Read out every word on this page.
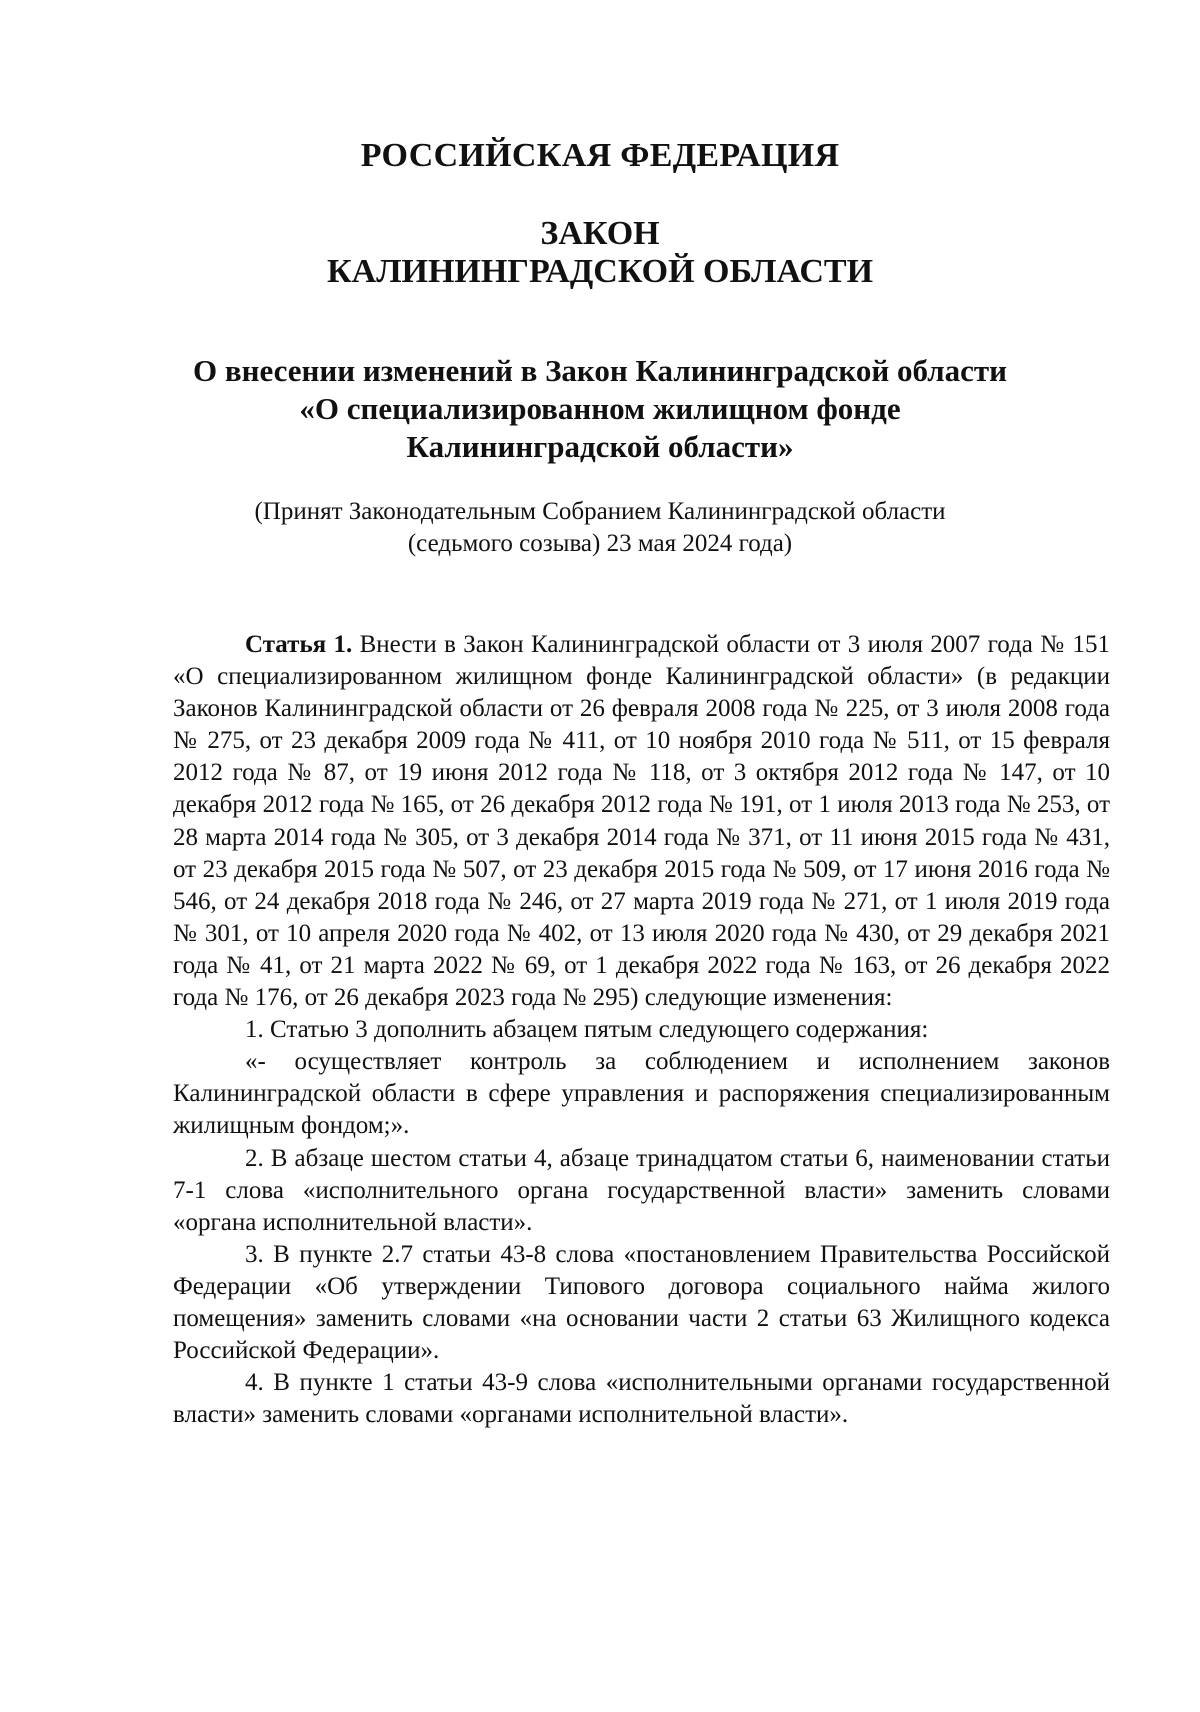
РОССИЙСКАЯ ФЕДЕРАЦИЯ
ЗАКОН
КАЛИНИНГРАДСКОЙ ОБЛАСТИ
О внесении изменений в Закон Калининградской области
«О специализированном жилищном фонде
Калининградской области»
(Принят Законодательным Собранием Калининградской области
(седьмого созыва) 23 мая 2024 года)

Статья 1. Внести в Закон Калининградской области от 3 июля 2007 года № 151 «О специализированном жилищном фонде Калининградской области» (в редакции Законов Калининградской области от 26 февраля 2008 года № 225, от 3 июля 2008 года № 275, от 23 декабря 2009 года № 411, от 10 ноября 2010 года № 511, от 15 февраля 2012 года № 87, от 19 июня 2012 года № 118, от 3 октября 2012 года № 147, от 10 декабря 2012 года № 165, от 26 декабря 2012 года № 191, от 1 июля 2013 года № 253, от 28 марта 2014 года № 305, от 3 декабря 2014 года № 371, от 11 июня 2015 года № 431, от 23 декабря 2015 года № 507, от 23 декабря 2015 года № 509, от 17 июня 2016 года № 546, от 24 декабря 2018 года № 246, от 27 марта 2019 года № 271, от 1 июля 2019 года № 301, от 10 апреля 2020 года № 402, от 13 июля 2020 года № 430, от 29 декабря 2021 года № 41, от 21 марта 2022 № 69, от 1 декабря 2022 года № 163, от 26 декабря 2022 года № 176, от 26 декабря 2023 года № 295) следующие изменения:

1. Статью 3 дополнить абзацем пятым следующего содержания:

«- осуществляет контроль за соблюдением и исполнением законов Калининградской области в сфере управления и распоряжения специализированным жилищным фондом;».

2. В абзаце шестом статьи 4, абзаце тринадцатом статьи 6, наименовании статьи 7-1 слова «исполнительного органа государственной власти» заменить словами «органа исполнительной власти».

3. В пункте 2.7 статьи 43-8 слова «постановлением Правительства Российской Федерации «Об утверждении Типового договора социального найма жилого помещения» заменить словами «на основании части 2 статьи 63 Жилищного кодекса Российской Федерации».

4. В пункте 1 статьи 43-9 слова «исполнительными органами государственной власти» заменить словами «органами исполнительной власти».
